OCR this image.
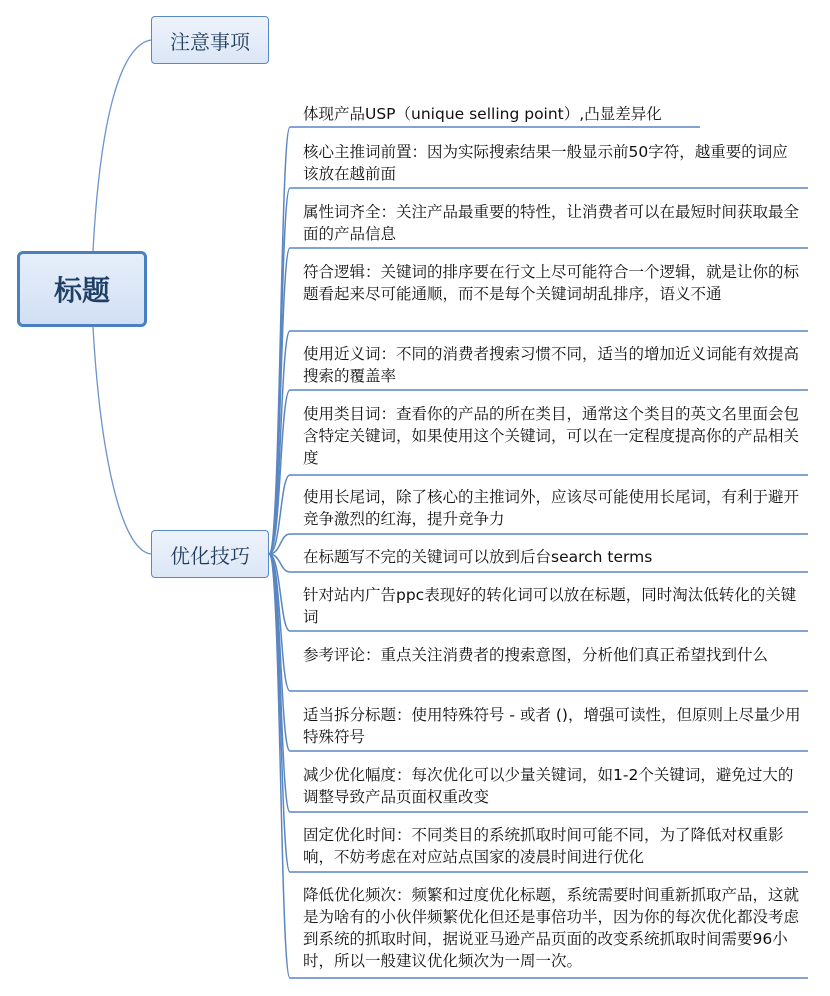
标题
注意事项
优化技巧
体现产品USP（unique selling point）,凸显差异化
核心主推词前置：因为实际搜索结果一般显示前50字符，越重要的词应该放在越前面
属性词齐全：关注产品最重要的特性，让消费者可以在最短时间获取最全面的产品信息
符合逻辑：关键词的排序要在行文上尽可能符合一个逻辑，就是让你的标题看起来尽可能通顺，而不是每个关键词胡乱排序，语义不通
使用近义词：不同的消费者搜索习惯不同，适当的增加近义词能有效提高搜索的覆盖率
使用类目词：查看你的产品的所在类目，通常这个类目的英文名里面会包含特定关键词，如果使用这个关键词，可以在一定程度提高你的产品相关度
使用长尾词，除了核心的主推词外，应该尽可能使用长尾词，有利于避开竞争激烈的红海，提升竞争力
在标题写不完的关键词可以放到后台search terms
针对站内广告ppc表现好的转化词可以放在标题，同时淘汰低转化的关键词
参考评论：重点关注消费者的搜索意图，分析他们真正希望找到什么
适当拆分标题：使用特殊符号 - 或者 ()，增强可读性，但原则上尽量少用特殊符号
减少优化幅度：每次优化可以少量关键词，如1-2个关键词，避免过大的调整导致产品页面权重改变
固定优化时间：不同类目的系统抓取时间可能不同，为了降低对权重影响，不妨考虑在对应站点国家的凌晨时间进行优化
降低优化频次：频繁和过度优化标题，系统需要时间重新抓取产品，这就是为啥有的小伙伴频繁优化但还是事倍功半，因为你的每次优化都没考虑到系统的抓取时间，据说亚马逊产品页面的改变系统抓取时间需要96小时，所以一般建议优化频次为一周一次。
